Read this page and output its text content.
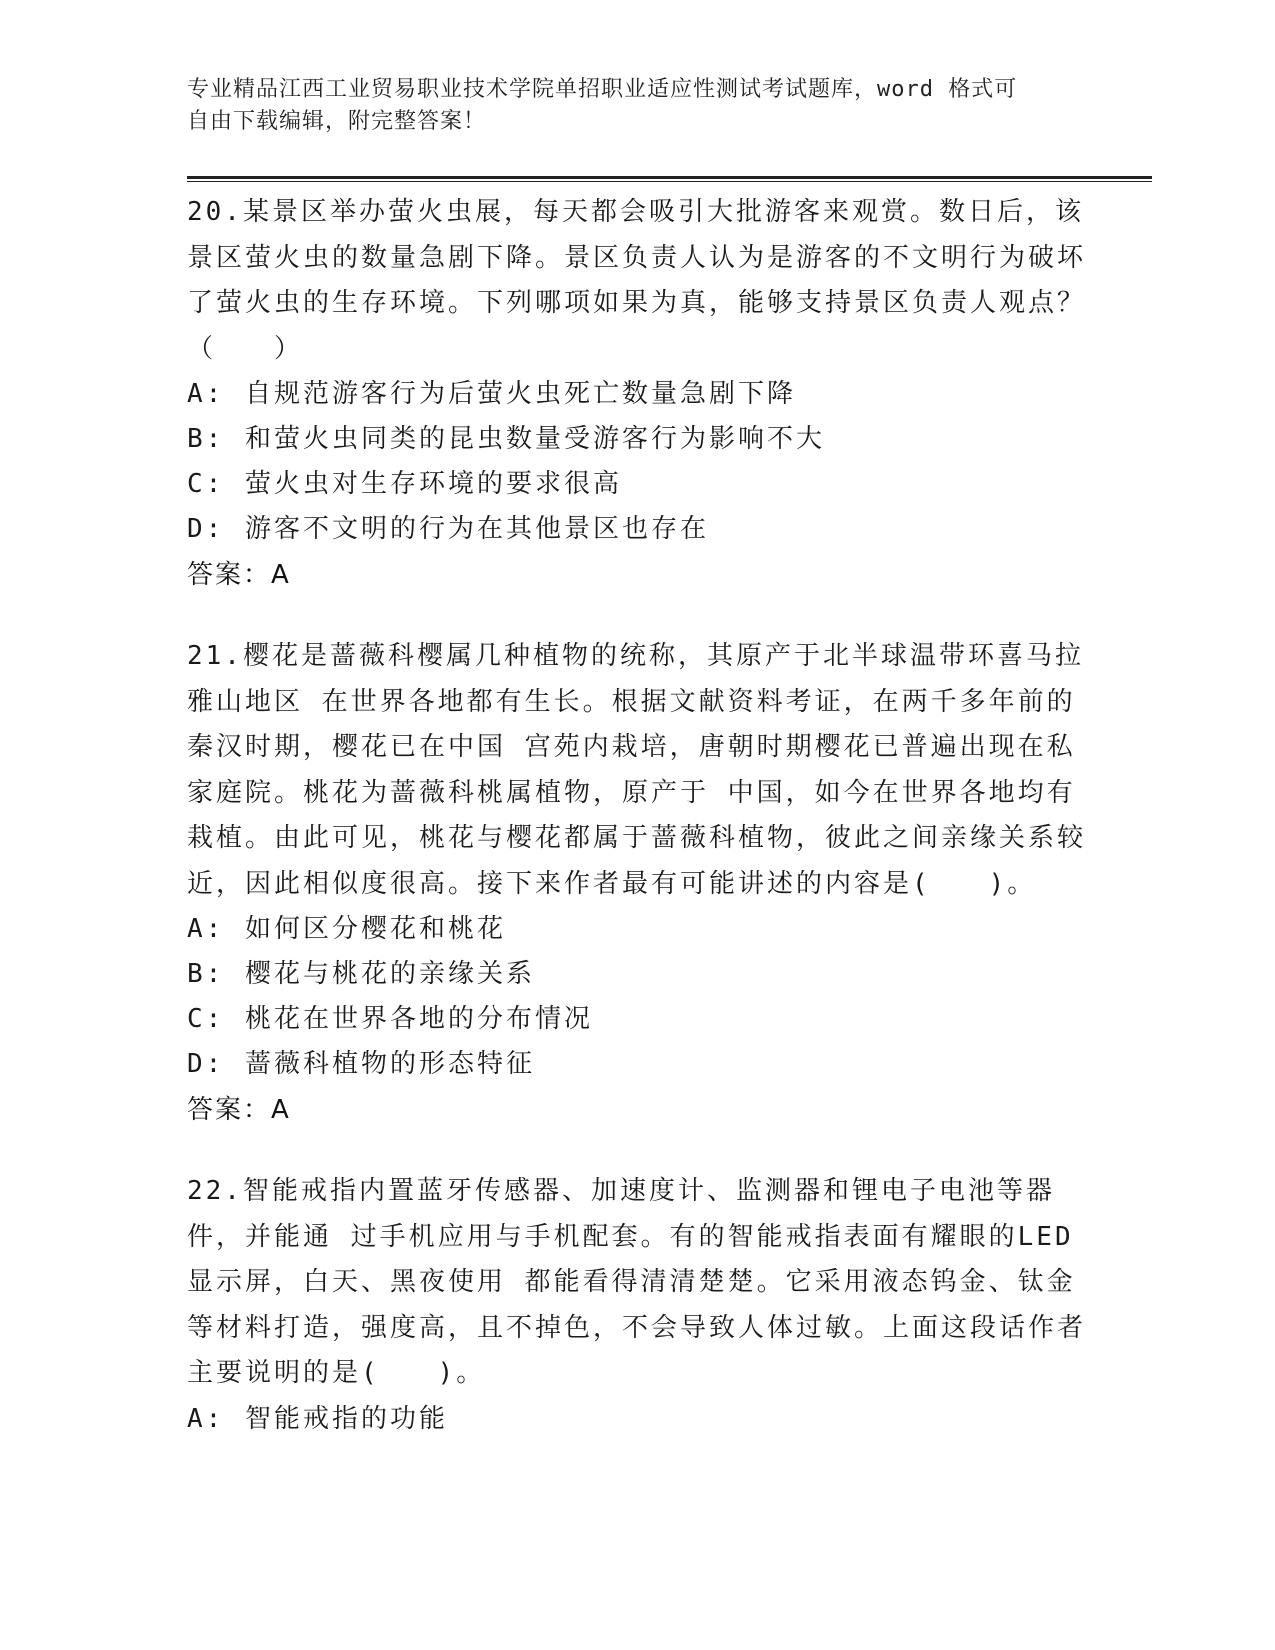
专业精品江西工业贸易职业技术学院单招职业适应性测试考试题库，word 格式可
自由下载编辑，附完整答案！

20.某景区举办萤火虫展，每天都会吸引大批游客来观赏。数日后，该景区萤火虫的数量急剧下降。景区负责人认为是游客的不文明行为破坏了萤火虫的生存环境。下列哪项如果为真，能够支持景区负责人观点？（　　）

A: 自规范游客行为后萤火虫死亡数量急剧下降
B: 和萤火虫同类的昆虫数量受游客行为影响不大
C: 萤火虫对生存环境的要求很高
D: 游客不文明的行为在其他景区也存在
答案：A

21.樱花是蔷薇科樱属几种植物的统称，其原产于北半球温带环喜马拉雅山地区 在世界各地都有生长。根据文献资料考证，在两千多年前的秦汉时期，樱花已在中国 宫苑内栽培，唐朝时期樱花已普遍出现在私家庭院。桃花为蔷薇科桃属植物，原产于 中国，如今在世界各地均有栽植。由此可见，桃花与樱花都属于蔷薇科植物，彼此之间亲缘关系较近，因此相似度很高。接下来作者最有可能讲述的内容是(　　)。

A: 如何区分樱花和桃花
B: 樱花与桃花的亲缘关系
C: 桃花在世界各地的分布情况
D: 蔷薇科植物的形态特征
答案：A

22.智能戒指内置蓝牙传感器、加速度计、监测器和锂电子电池等器件，并能通 过手机应用与手机配套。有的智能戒指表面有耀眼的LED 显示屏，白天、黑夜使用 都能看得清清楚楚。它采用液态钨金、钛金等材料打造，强度高，且不掉色，不会导致人体过敏。上面这段话作者主要说明的是(　　)。

A: 智能戒指的功能
